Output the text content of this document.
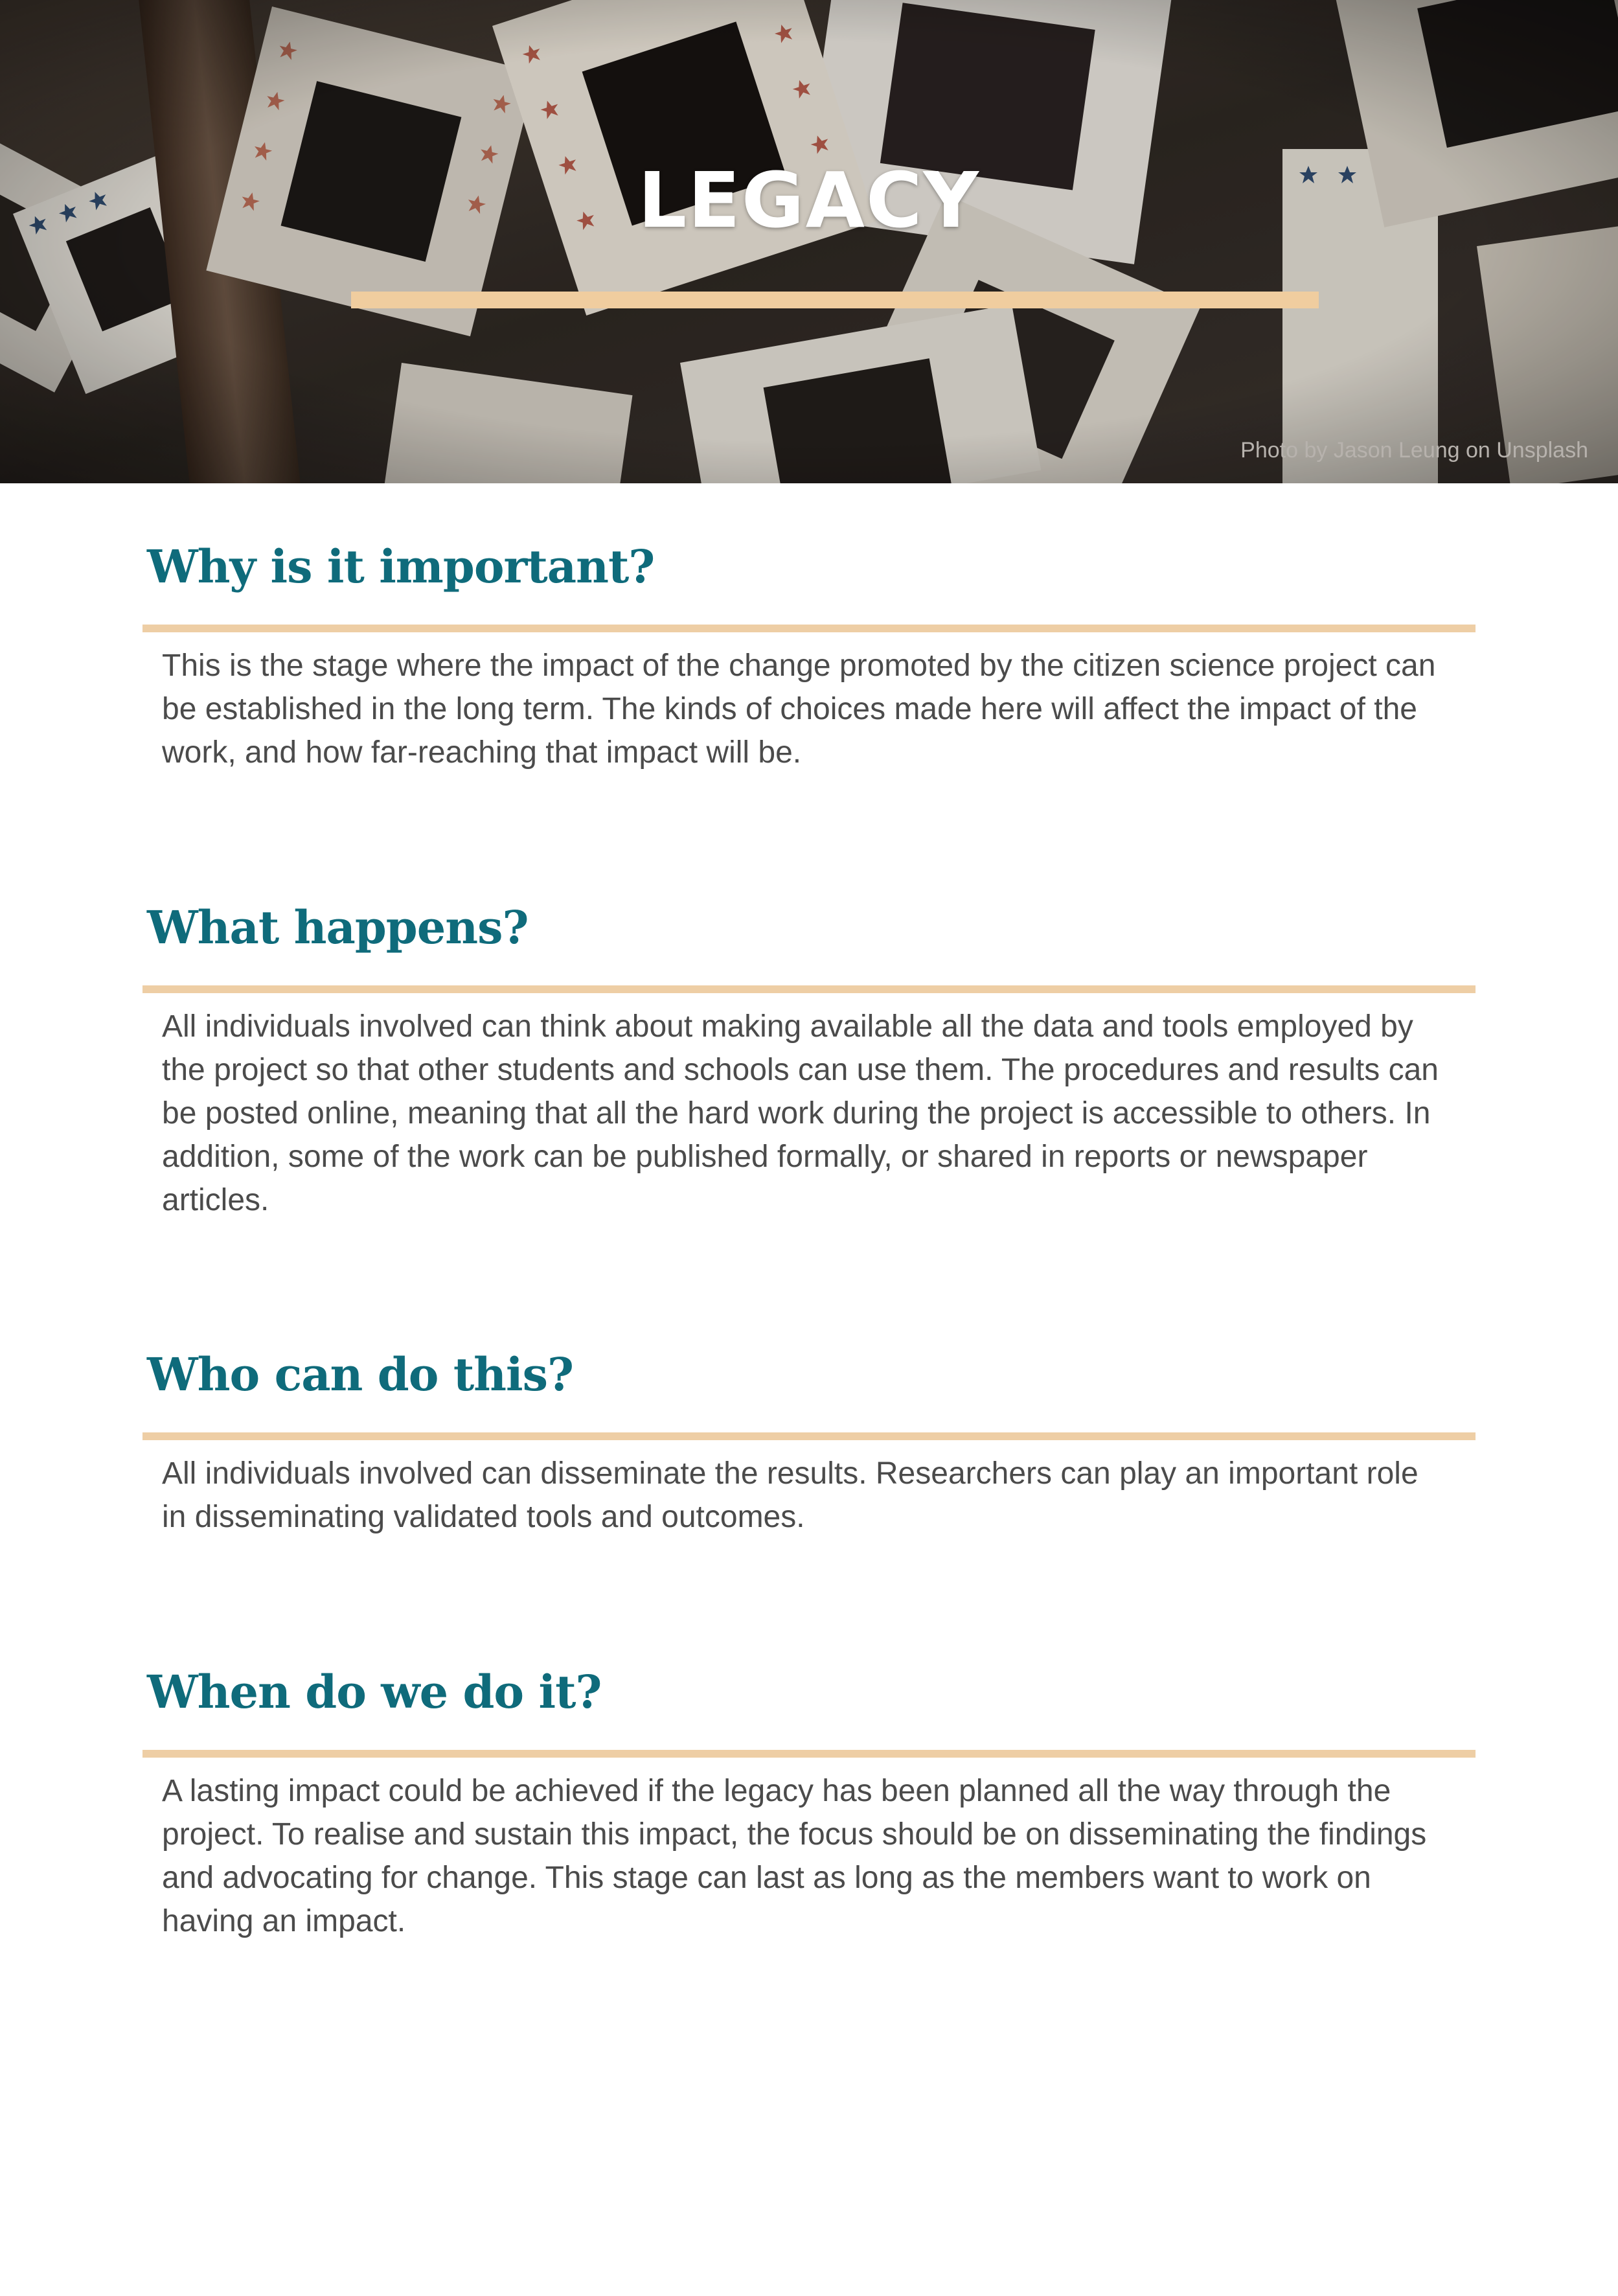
LEGACY
Photo by Jason Leung on Unsplash
Why is it important?

This is the stage where the impact of the change promoted by the citizen science project can be established in the long term. The kinds of choices made here will affect the impact of the work, and how far-reaching that impact will be.

What happens?

All individuals involved can think about making available all the data and tools employed by the project so that other students and schools can use them. The procedures and results can be posted online, meaning that all the hard work during the project is accessible to others. In addition, some of the work can be published formally, or shared in reports or newspaper articles.

Who can do this?

All individuals involved can disseminate the results. Researchers can play an important role in disseminating validated tools and outcomes.

When do we do it?

A lasting impact could be achieved if the legacy has been planned all the way through the project. To realise and sustain this impact, the focus should be on disseminating the findings and advocating for change. This stage can last as long as the members want to work on having an impact.
